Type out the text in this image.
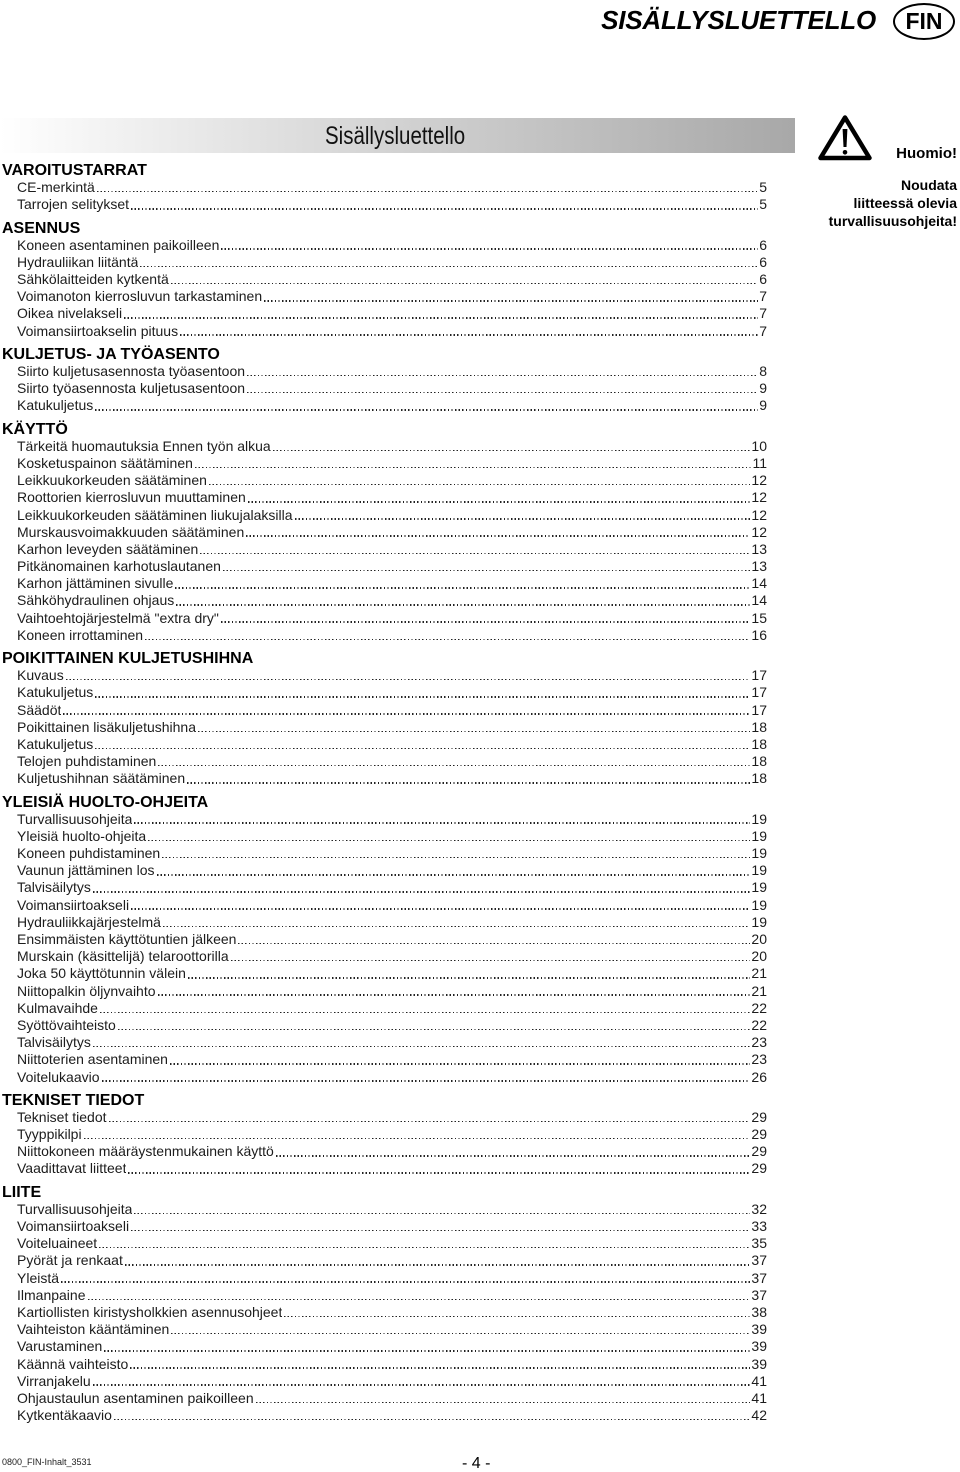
SISÄLLYSLUETTELLO	FIN
Sisällysluettello
Huomio!
Noudata
liitteessä olevia
turvallisuusohjeita!
VAROITUSTARRAT
CE-merkintä	5
Tarrojen selitykset	5
ASENNUS
Koneen asentaminen paikoilleen	6
Hydrauliikan liitäntä	6
Sähkölaitteiden kytkentä	6
Voimanoton kierrosluvun tarkastaminen	7
Oikea nivelakseli	7
Voimansiirtoakselin pituus	7
KULJETUS- JA TYÖASENTO
Siirto kuljetusasennosta työasentoon	8
Siirto työasennosta kuljetusasentoon	9
Katukuljetus	9
KÄYTTÖ
Tärkeitä huomautuksia Ennen työn alkua	10
Kosketuspainon säätäminen	11
Leikkuukorkeuden säätäminen	12
Roottorien kierrosluvun muuttaminen	12
Leikkuukorkeuden säätäminen liukujalaksilla	12
Murskausvoimakkuuden säätäminen	12
Karhon leveyden säätäminen	13
Pitkänomainen karhotuslautanen	13
Karhon jättäminen sivulle	14
Sähköhydraulinen ohjaus	14
Vaihtoehtojärjestelmä "extra dry"	15
Koneen irrottaminen	16
POIKITTAINEN KULJETUSHIHNA
Kuvaus	17
Katukuljetus	17
Säädöt	17
Poikittainen lisäkuljetushihna	18
Katukuljetus	18
Telojen puhdistaminen	18
Kuljetushihnan säätäminen	18
YLEISIÄ HUOLTO-OHJEITA
Turvallisuusohjeita	19
Yleisiä huolto-ohjeita	19
Koneen puhdistaminen	19
Vaunun jättäminen los	19
Talvisäilytys	19
Voimansiirtoakseli	19
Hydrauliikkajärjestelmä	19
Ensimmäisten käyttötuntien jälkeen	20
Murskain (käsittelijä) telaroottorilla	20
Joka 50 käyttötunnin välein	21
Niittopalkin öljynvaihto	21
Kulmavaihde	22
Syöttövaihteisto	22
Talvisäilytys	23
Niittoterien asentaminen	23
Voitelukaavio	26
TEKNISET TIEDOT
Tekniset tiedot	29
Tyyppikilpi	29
Niittokoneen määräystenmukainen käyttö	29
Vaadittavat liitteet	29
LIITE
Turvallisuusohjeita	32
Voimansiirtoakseli	33
Voiteluaineet	35
Pyörät ja renkaat	37
Yleistä	37
Ilmanpaine	37
Kartiollisten kiristysholkkien asennusohjeet	38
Vaihteiston kääntäminen	39
Varustaminen	39
Käännä vaihteisto	39
Virranjakelu	41
Ohjaustaulun asentaminen paikoilleen	41
Kytkentäkaavio	42
0800_FIN-Inhalt_3531	- 4 -
